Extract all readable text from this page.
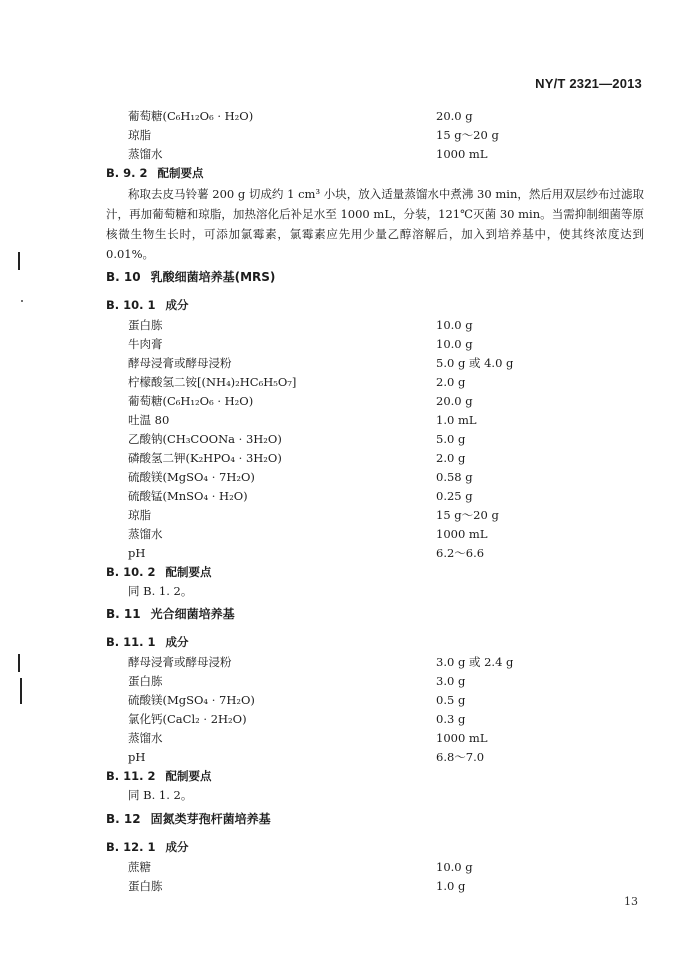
NY/T 2321—2013
葡萄糖(C₆H₁₂O₆ · H₂O)	20.0 g
琼脂	15 g～20 g
蒸馏水	1000 mL
B. 9. 2 配制要点
称取去皮马铃薯 200 g 切成约 1 cm³ 小块，放入适量蒸馏水中煮沸 30 min，然后用双层纱布过滤取汁，再加葡萄糖和琼脂，加热溶化后补足水至 1000 mL，分装，121℃灭菌 30 min。当需抑制细菌等原核微生物生长时，可添加氯霉素，氯霉素应先用少量乙醇溶解后，加入到培养基中，使其终浓度达到 0.01%。
B. 10 乳酸细菌培养基(MRS)
B. 10. 1 成分
蛋白胨	10.0 g
牛肉膏	10.0 g
酵母浸膏或酵母浸粉	5.0 g 或 4.0 g
柠檬酸氢二铵[(NH₄)₂HC₆H₅O₇]	2.0 g
葡萄糖(C₆H₁₂O₆ · H₂O)	20.0 g
吐温 80	1.0 mL
乙酸钠(CH₃COONa · 3H₂O)	5.0 g
磷酸氢二钾(K₂HPO₄ · 3H₂O)	2.0 g
硫酸镁(MgSO₄ · 7H₂O)	0.58 g
硫酸锰(MnSO₄ · H₂O)	0.25 g
琼脂	15 g～20 g
蒸馏水	1000 mL
pH	6.2～6.6
B. 10. 2 配制要点
同 B. 1. 2。
B. 11 光合细菌培养基
B. 11. 1 成分
酵母浸膏或酵母浸粉	3.0 g 或 2.4 g
蛋白胨	3.0 g
硫酸镁(MgSO₄ · 7H₂O)	0.5 g
氯化钙(CaCl₂ · 2H₂O)	0.3 g
蒸馏水	1000 mL
pH	6.8～7.0
B. 11. 2 配制要点
同 B. 1. 2。
B. 12 固氮类芽孢杆菌培养基
B. 12. 1 成分
蔗糖	10.0 g
蛋白胨	1.0 g
13
